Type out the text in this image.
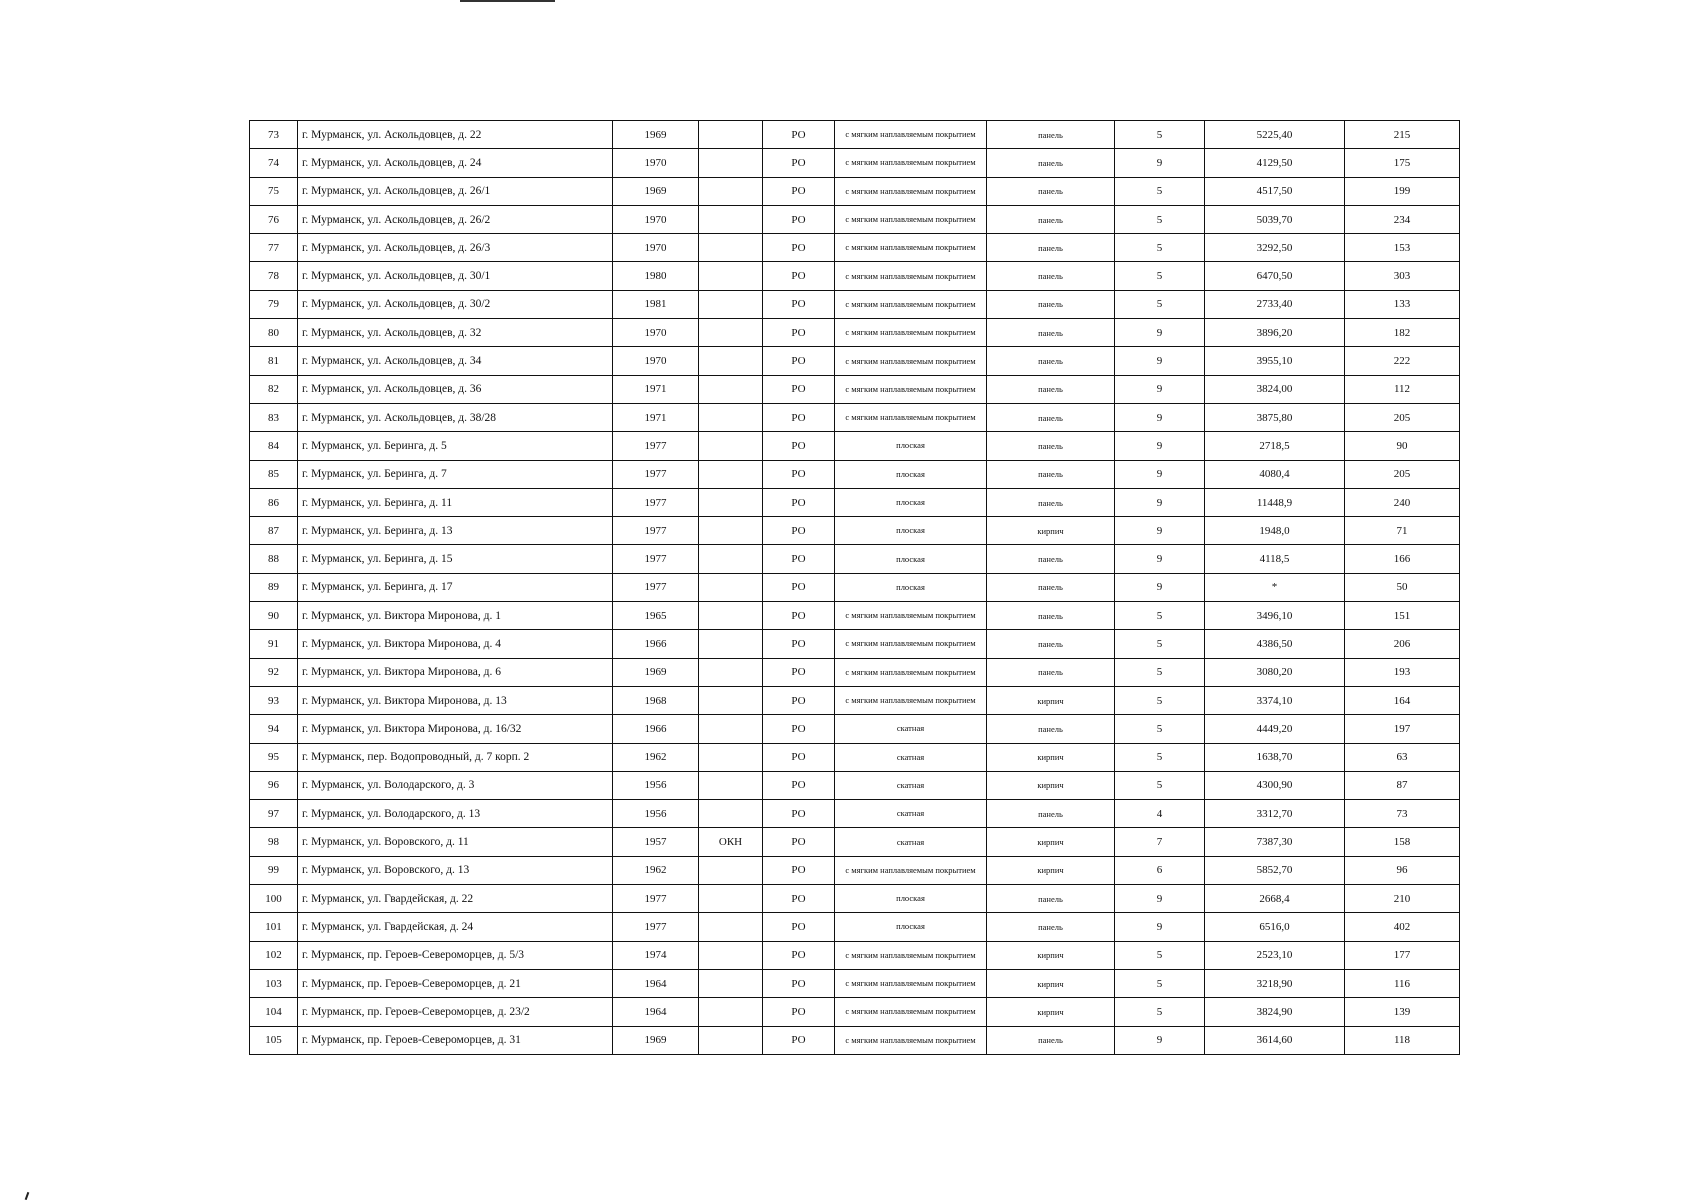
73	г. Мурманск, ул. Аскольдовцев, д. 22	1969		РО	с мягким наплавляемым покрытием	панель	5	5225,40	215
74	г. Мурманск, ул. Аскольдовцев, д. 24	1970		РО	с мягким наплавляемым покрытием	панель	9	4129,50	175
75	г. Мурманск, ул. Аскольдовцев, д. 26/1	1969		РО	с мягким наплавляемым покрытием	панель	5	4517,50	199
76	г. Мурманск, ул. Аскольдовцев, д. 26/2	1970		РО	с мягким наплавляемым покрытием	панель	5	5039,70	234
77	г. Мурманск, ул. Аскольдовцев, д. 26/3	1970		РО	с мягким наплавляемым покрытием	панель	5	3292,50	153
78	г. Мурманск, ул. Аскольдовцев, д. 30/1	1980		РО	с мягким наплавляемым покрытием	панель	5	6470,50	303
79	г. Мурманск, ул. Аскольдовцев, д. 30/2	1981		РО	с мягким наплавляемым покрытием	панель	5	2733,40	133
80	г. Мурманск, ул. Аскольдовцев, д. 32	1970		РО	с мягким наплавляемым покрытием	панель	9	3896,20	182
81	г. Мурманск, ул. Аскольдовцев, д. 34	1970		РО	с мягким наплавляемым покрытием	панель	9	3955,10	222
82	г. Мурманск, ул. Аскольдовцев, д. 36	1971		РО	с мягким наплавляемым покрытием	панель	9	3824,00	112
83	г. Мурманск, ул. Аскольдовцев, д. 38/28	1971		РО	с мягким наплавляемым покрытием	панель	9	3875,80	205
84	г. Мурманск, ул. Беринга, д. 5	1977		РО	плоская	панель	9	2718,5	90
85	г. Мурманск, ул. Беринга, д. 7	1977		РО	плоская	панель	9	4080,4	205
86	г. Мурманск, ул. Беринга, д. 11	1977		РО	плоская	панель	9	11448,9	240
87	г. Мурманск, ул. Беринга, д. 13	1977		РО	плоская	кирпич	9	1948,0	71
88	г. Мурманск, ул. Беринга, д. 15	1977		РО	плоская	панель	9	4118,5	166
89	г. Мурманск, ул. Беринга, д. 17	1977		РО	плоская	панель	9	*	50
90	г. Мурманск, ул. Виктора Миронова, д. 1	1965		РО	с мягким наплавляемым покрытием	панель	5	3496,10	151
91	г. Мурманск, ул. Виктора Миронова, д. 4	1966		РО	с мягким наплавляемым покрытием	панель	5	4386,50	206
92	г. Мурманск, ул. Виктора Миронова, д. 6	1969		РО	с мягким наплавляемым покрытием	панель	5	3080,20	193
93	г. Мурманск, ул. Виктора Миронова, д. 13	1968		РО	с мягким наплавляемым покрытием	кирпич	5	3374,10	164
94	г. Мурманск, ул. Виктора Миронова, д. 16/32	1966		РО	скатная	панель	5	4449,20	197
95	г. Мурманск, пер. Водопроводный, д. 7 корп. 2	1962		РО	скатная	кирпич	5	1638,70	63
96	г. Мурманск, ул. Володарского, д. 3	1956		РО	скатная	кирпич	5	4300,90	87
97	г. Мурманск, ул. Володарского, д. 13	1956		РО	скатная	панель	4	3312,70	73
98	г. Мурманск, ул. Воровского, д. 11	1957	ОКН	РО	скатная	кирпич	7	7387,30	158
99	г. Мурманск, ул. Воровского, д. 13	1962		РО	с мягким наплавляемым покрытием	кирпич	6	5852,70	96
100	г. Мурманск, ул. Гвардейская, д. 22	1977		РО	плоская	панель	9	2668,4	210
101	г. Мурманск, ул. Гвардейская, д. 24	1977		РО	плоская	панель	9	6516,0	402
102	г. Мурманск, пр. Героев-Североморцев, д. 5/3	1974		РО	с мягким наплавляемым покрытием	кирпич	5	2523,10	177
103	г. Мурманск, пр. Героев-Североморцев, д. 21	1964		РО	с мягким наплавляемым покрытием	кирпич	5	3218,90	116
104	г. Мурманск, пр. Героев-Североморцев, д. 23/2	1964		РО	с мягким наплавляемым покрытием	кирпич	5	3824,90	139
105	г. Мурманск, пр. Героев-Североморцев, д. 31	1969		РО	с мягким наплавляемым покрытием	панель	9	3614,60	118
